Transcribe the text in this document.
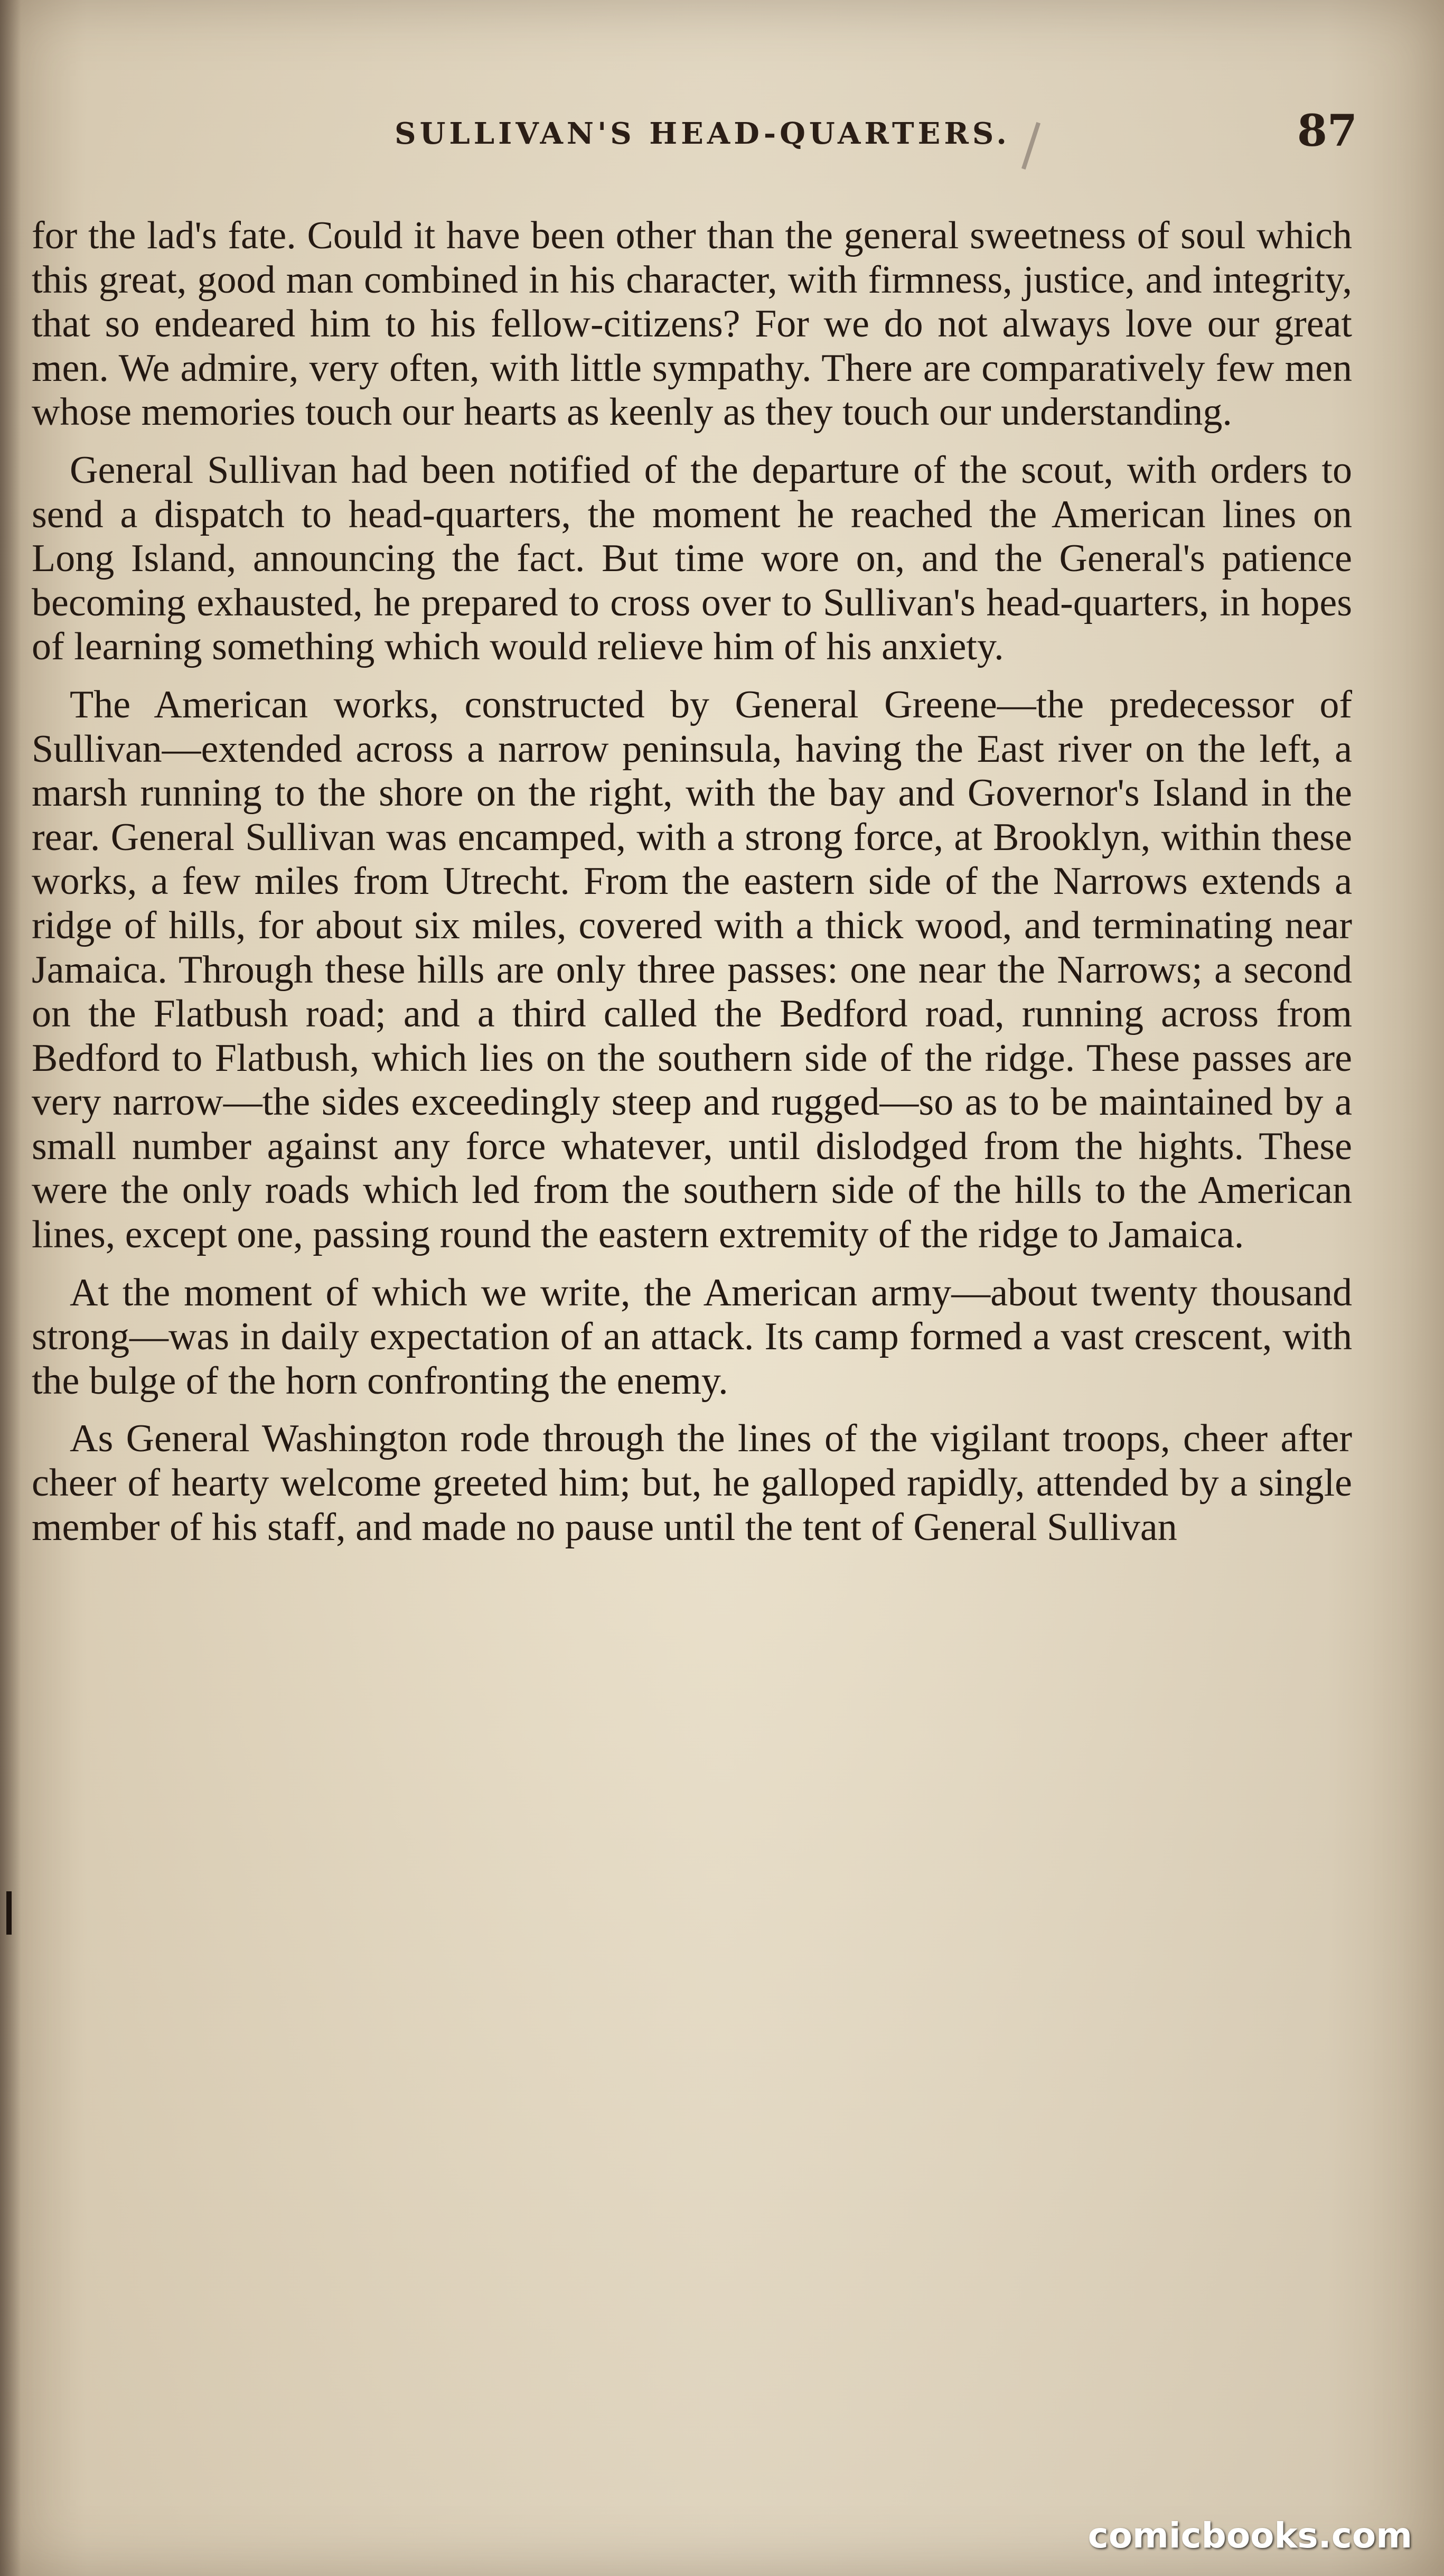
SULLIVAN'S HEAD-QUARTERS.	87

for the lad's fate. Could it have been other than the general sweetness of soul which this great, good man combined in his character, with firmness, justice, and integrity, that so endeared him to his fellow-citizens? For we do not always love our great men. We admire, very often, with little sympathy. There are comparatively few men whose memories touch our hearts as keenly as they touch our understanding.

General Sullivan had been notified of the departure of the scout, with orders to send a dispatch to head-quarters, the moment he reached the American lines on Long Island, announcing the fact. But time wore on, and the General's patience becoming exhausted, he prepared to cross over to Sullivan's head-quarters, in hopes of learning something which would relieve him of his anxiety.

The American works, constructed by General Greene—the predecessor of Sullivan—extended across a narrow peninsula, having the East river on the left, a marsh running to the shore on the right, with the bay and Governor's Island in the rear. General Sullivan was encamped, with a strong force, at Brooklyn, within these works, a few miles from Utrecht. From the eastern side of the Narrows extends a ridge of hills, for about six miles, covered with a thick wood, and terminating near Jamaica. Through these hills are only three passes: one near the Narrows; a second on the Flatbush road; and a third called the Bedford road, running across from Bedford to Flatbush, which lies on the southern side of the ridge. These passes are very narrow—the sides exceedingly steep and rugged—so as to be maintained by a small number against any force whatever, until dislodged from the hights. These were the only roads which led from the southern side of the hills to the American lines, except one, passing round the eastern extremity of the ridge to Jamaica.

At the moment of which we write, the American army—about twenty thousand strong—was in daily expectation of an attack. Its camp formed a vast crescent, with the bulge of the horn confronting the enemy.

As General Washington rode through the lines of the vigilant troops, cheer after cheer of hearty welcome greeted him; but, he galloped rapidly, attended by a single member of his staff, and made no pause until the tent of General Sullivan

comicbooks.com
